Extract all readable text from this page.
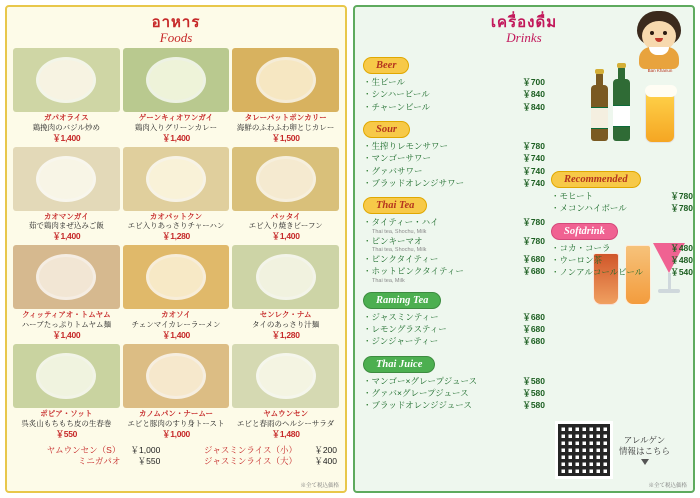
อาหาร
Foods
ガパオライス
鶏挽肉のバジル炒め
￥1,400
ゲーンキィオワンガイ
鶏肉入りグリーンカレー
￥1,400
タレーパットポンカリー
海鮮のふわふわ卵とじカレー
￥1,500
カオマンガイ
茹で鶏肉まぜ込みご飯
￥1,400
カオパットクン
エビ入りあっさりチャーハン
￥1,280
パッタイ
エビ入り焼きビーフン
￥1,400
クィッティアオ・トムヤム
ハーブたっぷりトムヤム麺
￥1,400
カオソイ
チェンマイカレーラーメン
￥1,400
センレク・ナム
タイのあっさり汁麺
￥1,280
ポピア・ソット
呉炙山もちもち皮の生春巻
￥550
カノムパン・ナームー
エビと豚肉のすり身トースト
￥1,000
ヤムウンセン
エビと春雨のヘルシーサラダ
￥1,480
ヤムウンセン（S）	￥1,000	ジャスミンライス（小）	￥200
ミニガパオ	￥550	ジャスミンライス（大）	￥400
※全て税込価格
เครื่องดื่ม
Drinks
Ban Khanun
Beer
・ 生ビール	￥700
・ シンハービール	￥840
・ チャーンビール	￥840
Sour
・ 生搾りレモンサワー	￥780
・ マンゴーサワー	￥740
・ グァバサワー	￥740
・ ブラッドオレンジサワー	￥740
Thai Tea
・ タイティー・ハイ	￥780
Thai tea, Shochu, Milk
・ ピンキーマオ	￥780
Thai tea, Shochu, Milk
・ ピンクタイティー	￥680
・ ホットピンクタイティー	￥680
Thai tea, Milk
Raming Tea
・ ジャスミンティー	￥680
・ レモングラスティー	￥680
・ ジンジャーティー	￥680
Thai Juice
・ マンゴー×グレープジュース	￥580
・ グァバ×グレープジュース	￥580
・ ブラッドオレンジジュース	￥580
Recommended
・ モヒート	￥780
・ メコンハイボール	￥780
Softdrink
・ コカ・コーラ	￥480
・ ウーロン茶	￥480
・ ノンアルコールビール	￥540
アレルゲン
情報はこちら

※全て税込価格
